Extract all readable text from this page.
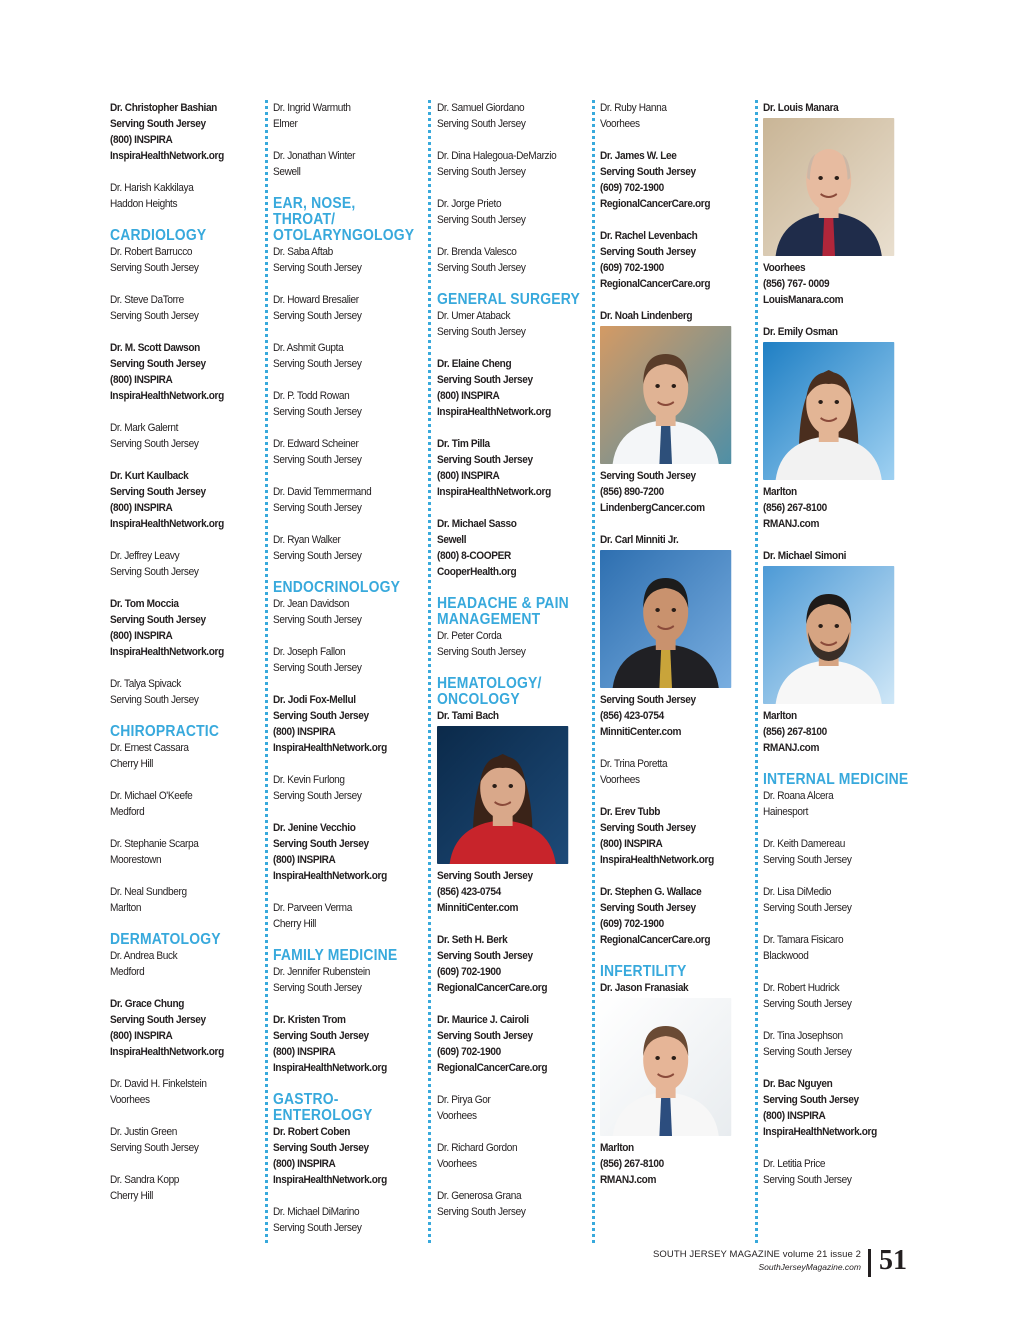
Dr. Christopher Bashian
Serving South Jersey
(800) INSPIRA
InspiraHealthNetwork.org
Dr. Harish Kakkilaya
Haddon Heights
CARDIOLOGY
Dr. Robert Barrucco
Serving South Jersey
Dr. Steve DaTorre
Serving South Jersey
Dr. M. Scott Dawson
Serving South Jersey
(800) INSPIRA
InspiraHealthNetwork.org
Dr. Mark Galernt
Serving South Jersey
Dr. Kurt Kaulback
Serving South Jersey
(800) INSPIRA
InspiraHealthNetwork.org
Dr. Jeffrey Leavy
Serving South Jersey
Dr. Tom Moccia
Serving South Jersey
(800) INSPIRA
InspiraHealthNetwork.org
Dr. Talya Spivack
Serving South Jersey
CHIROPRACTIC
Dr. Ernest Cassara
Cherry Hill
Dr. Michael O'Keefe
Medford
Dr. Stephanie Scarpa
Moorestown
Dr. Neal Sundberg
Marlton
DERMATOLOGY
Dr. Andrea Buck
Medford
Dr. Grace Chung
Serving South Jersey
(800) INSPIRA
InspiraHealthNetwork.org
Dr. David H. Finkelstein
Voorhees
Dr. Justin Green
Serving South Jersey
Dr. Sandra Kopp
Cherry Hill
Dr. Ingrid Warmuth
Elmer
Dr. Jonathan Winter
Sewell
EAR, NOSE,
THROAT/
OTOLARYNGOLOGY
Dr. Saba Aftab
Serving South Jersey
Dr. Howard Bresalier
Serving South Jersey
Dr. Ashmit Gupta
Serving South Jersey
Dr. P. Todd Rowan
Serving South Jersey
Dr. Edward Scheiner
Serving South Jersey
Dr. David Temmermand
Serving South Jersey
Dr. Ryan Walker
Serving South Jersey
ENDOCRINOLOGY
Dr. Jean Davidson
Serving South Jersey
Dr. Joseph Fallon
Serving South Jersey
Dr. Jodi Fox-Mellul
Serving South Jersey
(800) INSPIRA
InspiraHealthNetwork.org
Dr. Kevin Furlong
Serving South Jersey
Dr. Jenine Vecchio
Serving South Jersey
(800) INSPIRA
InspiraHealthNetwork.org
Dr. Parveen Verma
Cherry Hill
FAMILY MEDICINE
Dr. Jennifer Rubenstein
Serving South Jersey
Dr. Kristen Trom
Serving South Jersey
(800) INSPIRA
InspiraHealthNetwork.org
GASTRO-
ENTEROLOGY
Dr. Robert Coben
Serving South Jersey
(800) INSPIRA
InspiraHealthNetwork.org
Dr. Michael DiMarino
Serving South Jersey
Dr. Samuel Giordano
Serving South Jersey
Dr. Dina Halegoua-DeMarzio
Serving South Jersey
Dr. Jorge Prieto
Serving South Jersey
Dr. Brenda Valesco
Serving South Jersey
GENERAL SURGERY
Dr. Umer Ataback
Serving South Jersey
Dr. Elaine Cheng
Serving South Jersey
(800) INSPIRA
InspiraHealthNetwork.org
Dr. Tim Pilla
Serving South Jersey
(800) INSPIRA
InspiraHealthNetwork.org
Dr. Michael Sasso
Sewell
(800) 8-COOPER
CooperHealth.org
HEADACHE & PAIN
MANAGEMENT
Dr. Peter Corda
Serving South Jersey
HEMATOLOGY/
ONCOLOGY
Dr. Tami Bach
Serving South Jersey
(856) 423-0754
MinnitiCenter.com
Dr. Seth H. Berk
Serving South Jersey
(609) 702-1900
RegionalCancerCare.org
Dr. Maurice J. Cairoli
Serving South Jersey
(609) 702-1900
RegionalCancerCare.org
Dr. Pirya Gor
Voorhees
Dr. Richard Gordon
Voorhees
Dr. Generosa Grana
Serving South Jersey
Dr. Ruby Hanna
Voorhees
Dr. James W. Lee
Serving South Jersey
(609) 702-1900
RegionalCancerCare.org
Dr. Rachel Levenbach
Serving South Jersey
(609) 702-1900
RegionalCancerCare.org
Dr. Noah Lindenberg
Serving South Jersey
(856) 890-7200
LindenbergCancer.com
Dr. Carl Minniti Jr.
Serving South Jersey
(856) 423-0754
MinnitiCenter.com
Dr. Trina Poretta
Voorhees
Dr. Erev Tubb
Serving South Jersey
(800) INSPIRA
InspiraHealthNetwork.org
Dr. Stephen G. Wallace
Serving South Jersey
(609) 702-1900
RegionalCancerCare.org
INFERTILITY
Dr. Jason Franasiak
Marlton
(856) 267-8100
RMANJ.com
Dr. Louis Manara
Voorhees
(856) 767- 0009
LouisManara.com
Dr. Emily Osman
Marlton
(856) 267-8100
RMANJ.com
Dr. Michael Simoni
Marlton
(856) 267-8100
RMANJ.com
INTERNAL MEDICINE
Dr. Roana Alcera
Hainesport
Dr. Keith Damereau
Serving South Jersey
Dr. Lisa DiMedio
Serving South Jersey
Dr. Tamara Fisicaro
Blackwood
Dr. Robert Hudrick
Serving South Jersey
Dr. Tina Josephson
Serving South Jersey
Dr. Bac Nguyen
Serving South Jersey
(800) INSPIRA
InspiraHealthNetwork.org
Dr. Letitia Price
Serving South Jersey
SOUTH JERSEY MAGAZINE volume 21 issue 2
SouthJerseyMagazine.com 51
